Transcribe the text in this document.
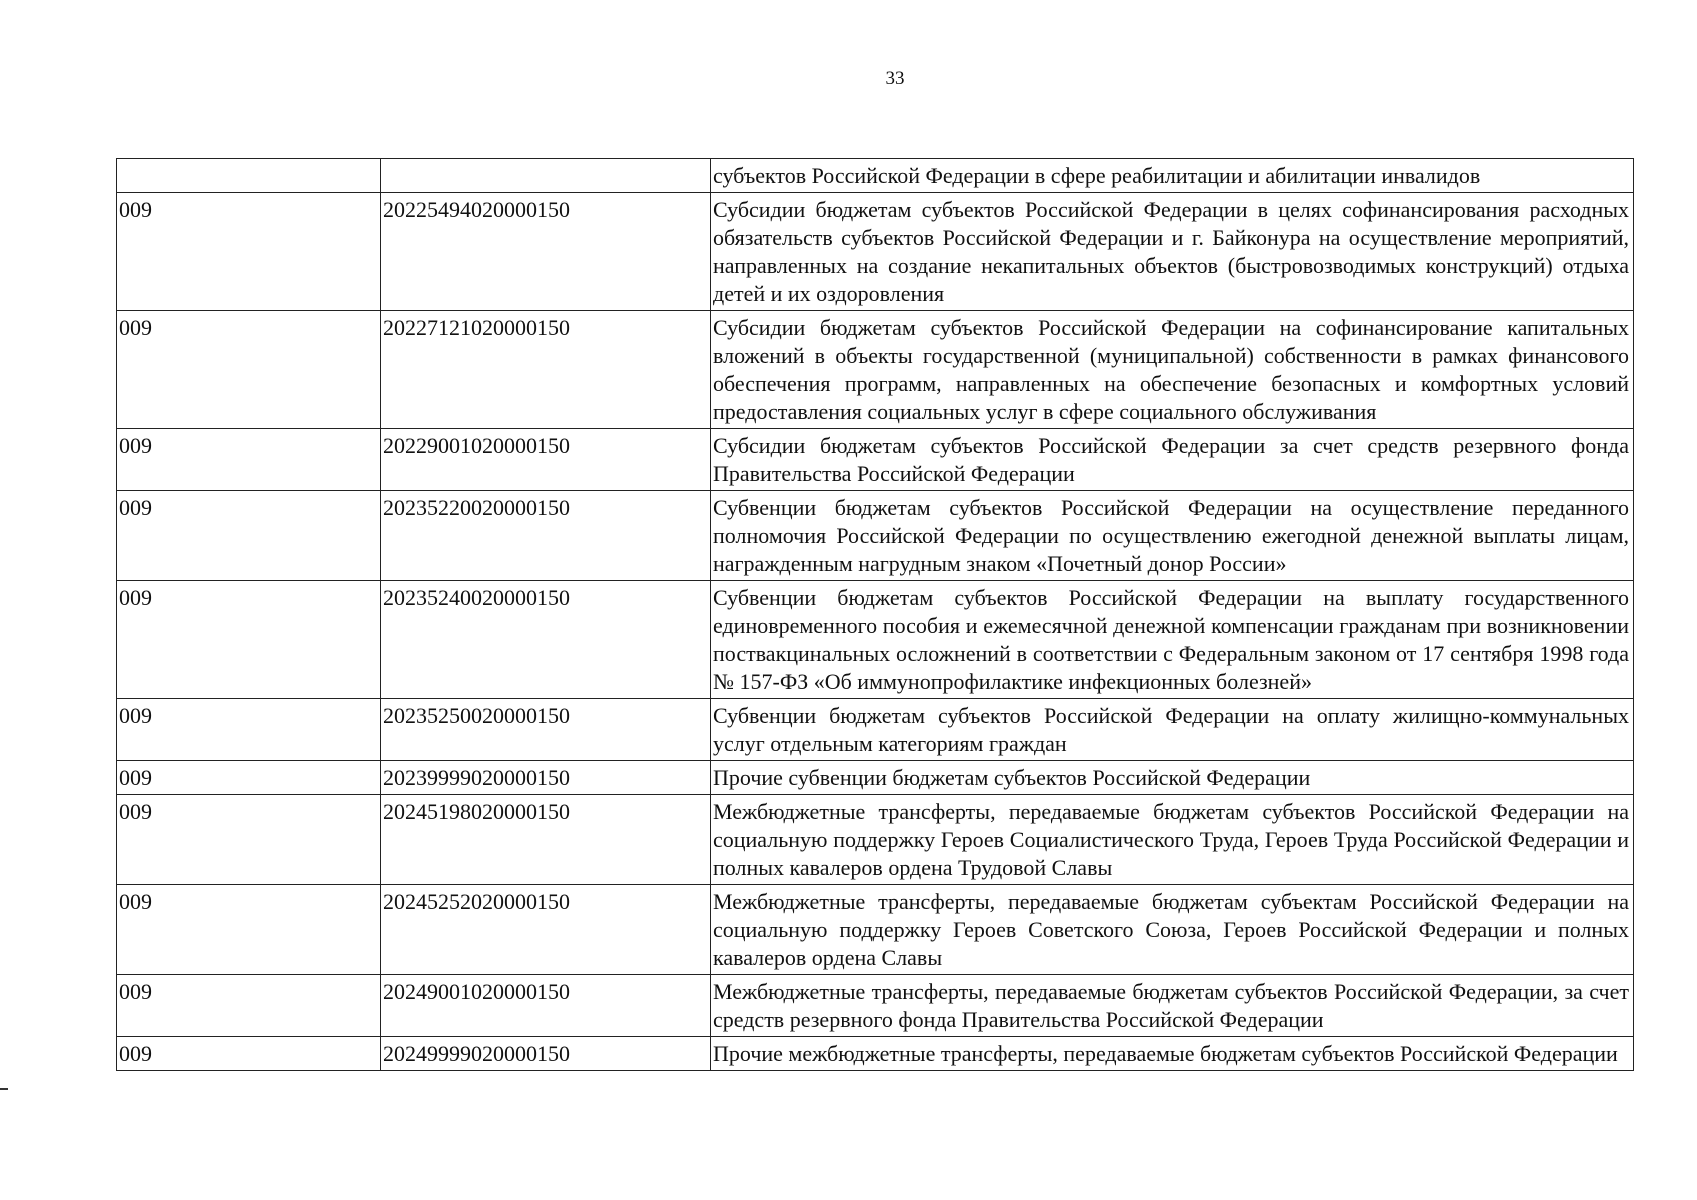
33
		субъектов Российской Федерации в сфере реабилитации и абилитации инвалидов
009	20225494020000150	Субсидии бюджетам субъектов Российской Федерации в целях софинансирования расходных обязательств субъектов Российской Федерации и г. Байконура на осуществление мероприятий, направленных на создание некапитальных объектов (быстровозводимых конструкций) отдыха детей и их оздоровления
009	20227121020000150	Субсидии бюджетам субъектов Российской Федерации на софинансирование капитальных вложений в объекты государственной (муниципальной) собственности в рамках финансового обеспечения программ, направленных на обеспечение безопасных и комфортных условий предоставления социальных услуг в сфере социального обслуживания
009	20229001020000150	Субсидии бюджетам субъектов Российской Федерации за счет средств резервного фонда Правительства Российской Федерации
009	20235220020000150	Субвенции бюджетам субъектов Российской Федерации на осуществление переданного полномочия Российской Федерации по осуществлению ежегодной денежной выплаты лицам, награжденным нагрудным знаком «Почетный донор России»
009	20235240020000150	Субвенции бюджетам субъектов Российской Федерации на выплату государственного единовременного пособия и ежемесячной денежной компенсации гражданам при возникновении поствакцинальных осложнений в соответствии с Федеральным законом от 17 сентября 1998 года № 157-ФЗ «Об иммунопрофилактике инфекционных болезней»
009	20235250020000150	Субвенции бюджетам субъектов Российской Федерации на оплату жилищно-коммунальных услуг отдельным категориям граждан
009	20239999020000150	Прочие субвенции бюджетам субъектов Российской Федерации
009	20245198020000150	Межбюджетные трансферты, передаваемые бюджетам субъектов Российской Федерации на социальную поддержку Героев Социалистического Труда, Героев Труда Российской Федерации и полных кавалеров ордена Трудовой Славы
009	20245252020000150	Межбюджетные трансферты, передаваемые бюджетам субъектам Российской Федерации на социальную поддержку Героев Советского Союза, Героев Российской Федерации и полных кавалеров ордена Славы
009	20249001020000150	Межбюджетные трансферты, передаваемые бюджетам субъектов Российской Федерации, за счет средств резервного фонда Правительства Российской Федерации
009	20249999020000150	Прочие межбюджетные трансферты, передаваемые бюджетам субъектов Российской Федерации
